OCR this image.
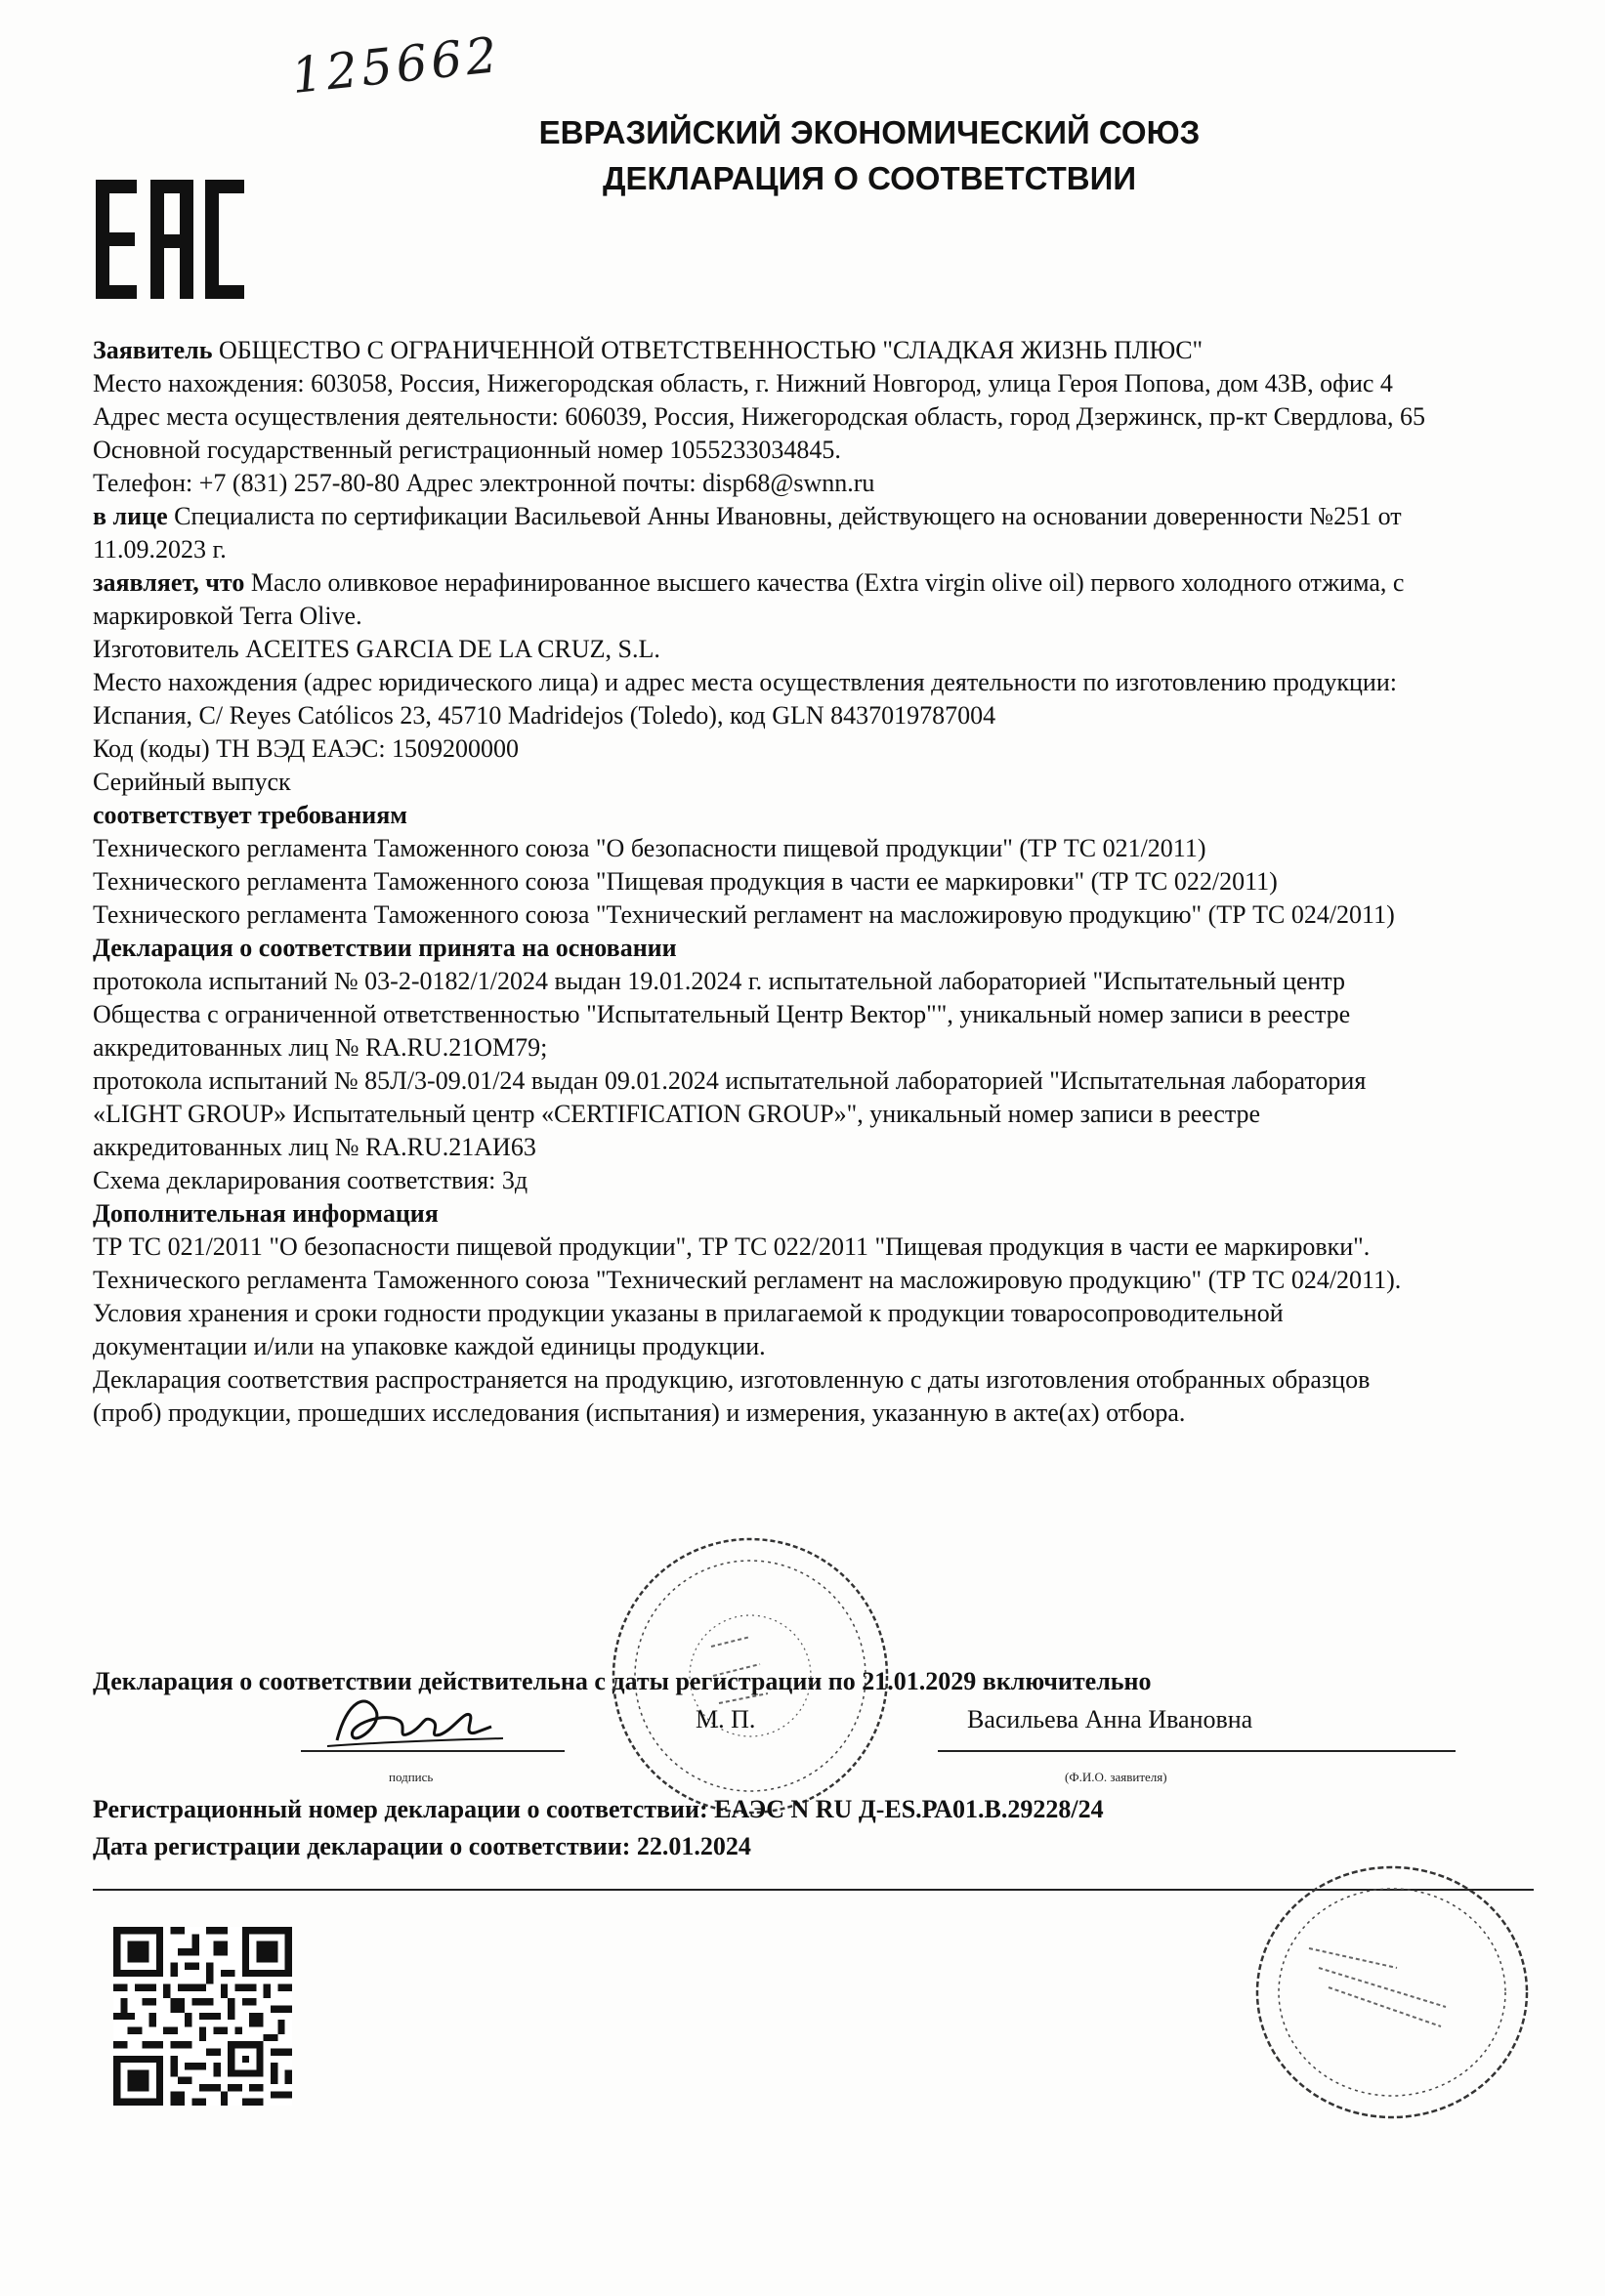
125662
ЕВРАЗИЙСКИЙ ЭКОНОМИЧЕСКИЙ СОЮЗ
ДЕКЛАРАЦИЯ О СООТВЕТСТВИИ

Заявитель ОБЩЕСТВО С ОГРАНИЧЕННОЙ ОТВЕТСТВЕННОСТЬЮ "СЛАДКАЯ ЖИЗНЬ ПЛЮС"

Место нахождения: 603058, Россия, Нижегородская область, г. Нижний Новгород, улица Героя Попова, дом 43В, офис 4

Адрес места осуществления деятельности: 606039, Россия, Нижегородская область, город Дзержинск, пр-кт Свердлова, 65

Основной государственный регистрационный номер 1055233034845.

Телефон: +7 (831) 257-80-80 Адрес электронной почты: disp68@swnn.ru

в лице Специалиста по сертификации Васильевой Анны Ивановны, действующего на основании доверенности №251 от 11.09.2023 г.

заявляет, что Масло оливковое нерафинированное высшего качества (Extra virgin olive oil) первого холодного отжима, с маркировкой Terra Olive.

Изготовитель ACEITES GARCIA DE LA CRUZ, S.L.

Место нахождения (адрес юридического лица) и адрес места осуществления деятельности по изготовлению продукции: Испания, C/ Reyes Católicos 23, 45710 Madridejos (Toledo), код GLN 8437019787004

Код (коды) ТН ВЭД ЕАЭС: 1509200000

Серийный выпуск

соответствует требованиям

Технического регламента Таможенного союза "О безопасности пищевой продукции" (ТР ТС 021/2011)

Технического регламента Таможенного союза "Пищевая продукция в части ее маркировки" (ТР ТС 022/2011)

Технического регламента Таможенного союза "Технический регламент на масложировую продукцию" (ТР ТС 024/2011)

Декларация о соответствии принята на основании

протокола испытаний № 03-2-0182/1/2024 выдан 19.01.2024 г. испытательной лабораторией "Испытательный центр Общества с ограниченной ответственностью "Испытательный Центр Вектор"", уникальный номер записи в реестре аккредитованных лиц № RA.RU.21ОМ79;

протокола испытаний № 85Л/3-09.01/24 выдан 09.01.2024 испытательной лабораторией "Испытательная лаборатория «LIGHT GROUP» Испытательный центр «CERTIFICATION GROUP»", уникальный номер записи в реестре аккредитованных лиц № RA.RU.21АИ63

Схема декларирования соответствия: 3д

Дополнительная информация

ТР ТС 021/2011 "О безопасности пищевой продукции", ТР ТС 022/2011 "Пищевая продукция в части ее маркировки". Технического регламента Таможенного союза "Технический регламент на масложировую продукцию" (ТР ТС 024/2011).

Условия хранения и сроки годности продукции указаны в прилагаемой к продукции товаросопроводительной документации и/или на упаковке каждой единицы продукции.

Декларация соответствия распространяется на продукцию, изготовленную с даты изготовления отобранных образцов (проб) продукции, прошедших исследования (испытания) и измерения, указанную в акте(ах) отбора.

Декларация о соответствии действительна с даты регистрации по 21.01.2029 включительно
подпись
М. П.	Васильева Анна Ивановна
(Ф.И.О. заявителя)
Регистрационный номер декларации о соответствии: ЕАЭС N RU Д-ES.РА01.В.29228/24
Дата регистрации декларации о соответствии: 22.01.2024
